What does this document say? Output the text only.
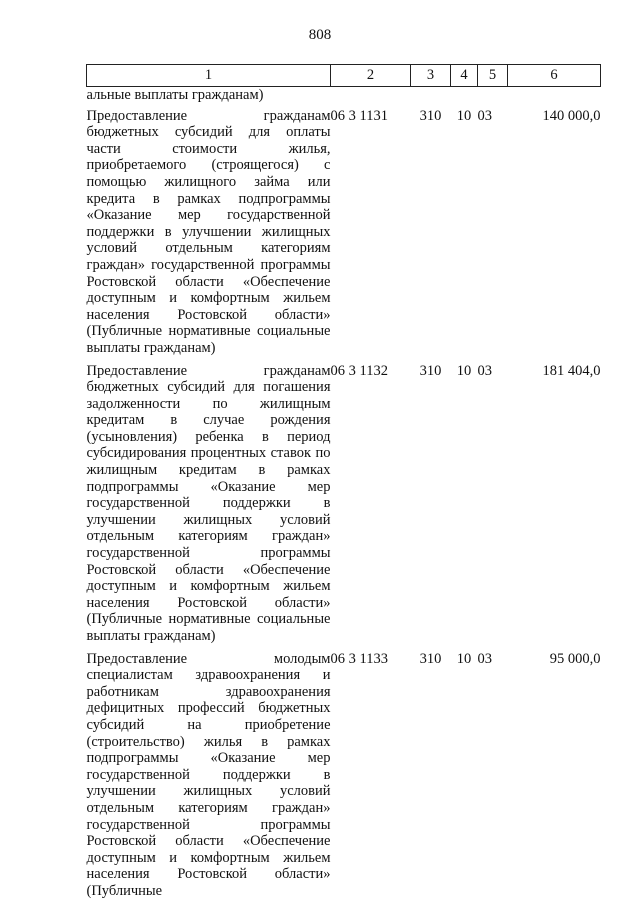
808
1	2	3	4	5	6
альные выплаты гражданам)					
Предоставление гражданам бюджетных субсидий для оплаты части стоимости жилья, приобретаемого (строящегося) с помощью жилищного займа или кредита в рамках подпрограммы «Оказание мер государственной поддержки в улучшении жилищных условий отдельным категориям граждан» государственной программы Ростовской области «Обеспечение доступным и комфортным жильем населения Ростовской области» (Публичные нормативные социальные выплаты гражданам)	06 3 1131	310	10	03	140 000,0
Предоставление гражданам бюджетных субсидий для погашения задолженности по жилищным кредитам в случае рождения (усыновления) ребенка в период субсидирования процентных ставок по жилищным кредитам в рамках подпрограммы «Оказание мер государственной поддержки в улучшении жилищных условий отдельным категориям граждан» государственной программы Ростовской области «Обеспечение доступным и комфортным жильем населения Ростовской области» (Публичные нормативные социальные выплаты гражданам)	06 3 1132	310	10	03	181 404,0
Предоставление молодым специалистам здравоохранения и работникам здравоохранения дефицитных профессий бюджетных субсидий на приобретение (строительство) жилья в рамках подпрограммы «Оказание мер государственной поддержки в улучшении жилищных условий отдельным категориям граждан» государственной программы Ростовской области «Обеспечение доступным и комфортным жильем населения Ростовской области» (Публичные	06 3 1133	310	10	03	95 000,0
